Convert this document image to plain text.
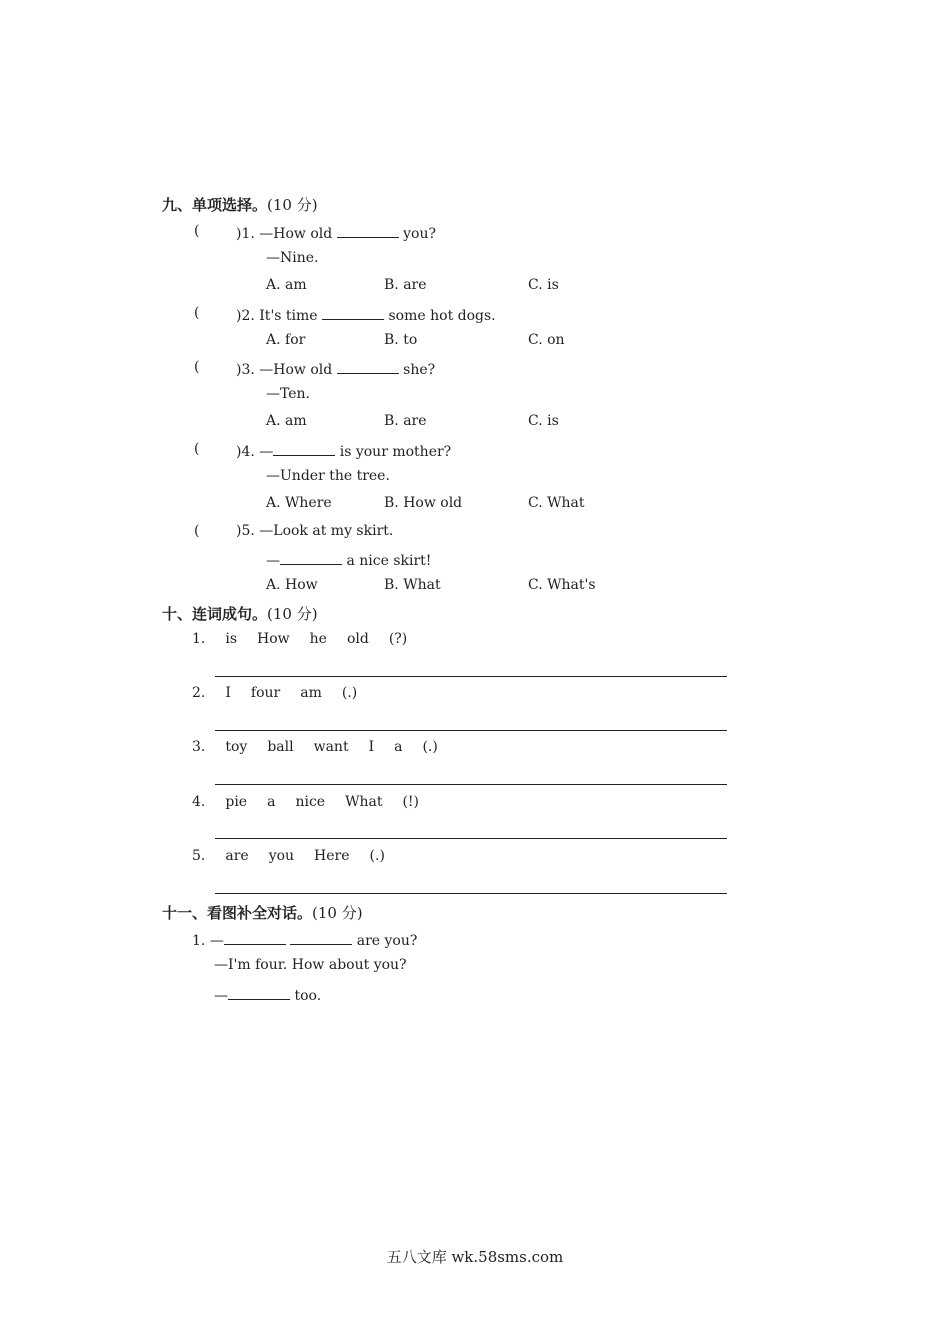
九、单项选择。(10 分)
(	)1. —How old	you?
—Nine.
A. am	B. are	C. is
(	)2. It's time	some hot dogs.
A. for	B. to	C. on
(	)3. —How old	she?
—Ten.
A. am	B. are	C. is
(	)4. —	is your mother?
—Under the tree.
A. Where	B. How old	C. What
(	)5. —Look at my skirt.
—	a nice skirt!
A. How	B. What	C. What's
十、连词成句。(10 分)
1. is How he old (?)
2. I four am (.)
3. toy ball want I a (.)
4. pie a nice What (!)
5. are you Here (.)
十一、看图补全对话。(10 分)
1. —	are you?
—I'm four. How about you?
—	too.
五八文库 wk.58sms.com
